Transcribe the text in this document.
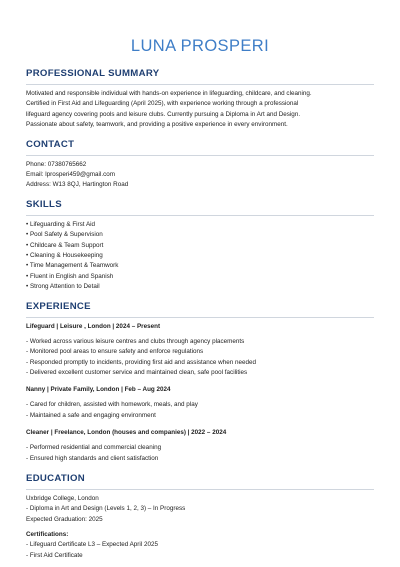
LUNA PROSPERI
PROFESSIONAL SUMMARY

Motivated and responsible individual with hands-on experience in lifeguarding, childcare, and cleaning.

Certified in First Aid and Lifeguarding (April 2025), with experience working through a professional

lifeguard agency covering pools and leisure clubs. Currently pursuing a Diploma in Art and Design.

Passionate about safety, teamwork, and providing a positive experience in every environment.

CONTACT

Phone: 07380765662

Email: lprosperi459@gmail.com

Address: W13 8QJ, Hartington Road

SKILLS
• Lifeguarding & First Aid
• Pool Safety & Supervision
• Childcare & Team Support
• Cleaning & Housekeeping
• Time Management & Teamwork
• Fluent in English and Spanish
• Strong Attention to Detail
EXPERIENCE

Lifeguard | Leisure , London | 2024 – Present

- Worked across various leisure centres and clubs through agency placements
- Monitored pool areas to ensure safety and enforce regulations
- Responded promptly to incidents, providing first aid and assistance when needed
- Delivered excellent customer service and maintained clean, safe pool facilities

Nanny | Private Family, London | Feb – Aug 2024

- Cared for children, assisted with homework, meals, and play
- Maintained a safe and engaging environment

Cleaner | Freelance, London (houses and companies) | 2022 – 2024

- Performed residential and commercial cleaning
- Ensured high standards and client satisfaction
EDUCATION

Uxbridge College, London

- Diploma in Art and Design (Levels 1, 2, 3) – In Progress

Expected Graduation: 2025

Certifications:

- Lifeguard Certificate L3 – Expected April 2025

- First Aid Certificate
